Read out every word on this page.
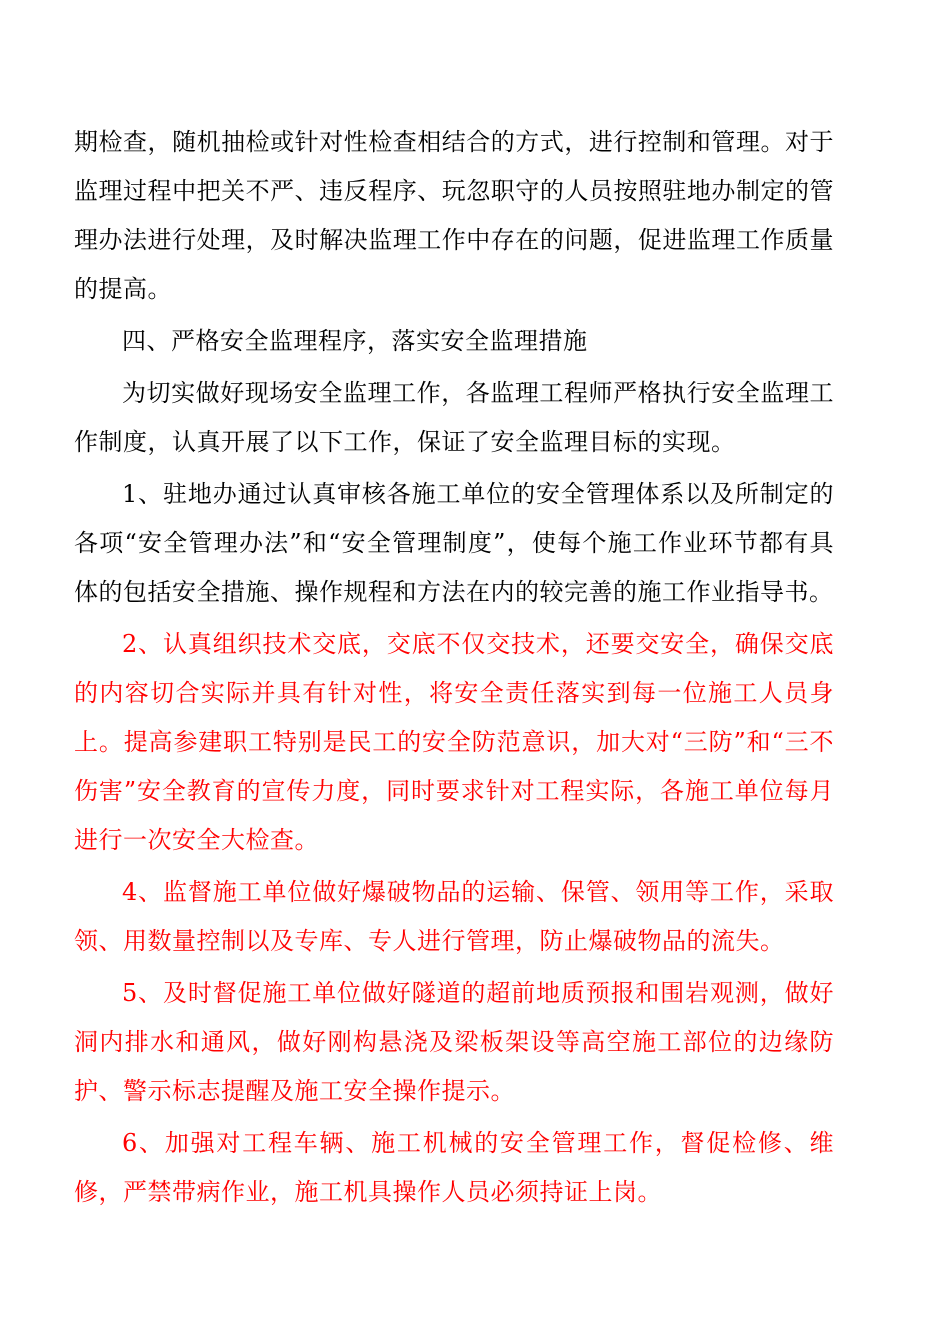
期检查，随机抽检或针对性检查相结合的方式，进行控制和管理。对于监理过程中把关不严、违反程序、玩忽职守的人员按照驻地办制定的管理办法进行处理，及时解决监理工作中存在的问题，促进监理工作质量的提高。

四、严格安全监理程序，落实安全监理措施

为切实做好现场安全监理工作，各监理工程师严格执行安全监理工作制度，认真开展了以下工作，保证了安全监理目标的实现。

1、驻地办通过认真审核各施工单位的安全管理体系以及所制定的各项“安全管理办法”和“安全管理制度”，使每个施工作业环节都有具体的包括安全措施、操作规程和方法在内的较完善的施工作业指导书。

2、认真组织技术交底，交底不仅交技术，还要交安全，确保交底的内容切合实际并具有针对性，将安全责任落实到每一位施工人员身上。提高参建职工特别是民工的安全防范意识，加大对“三防”和“三不伤害”安全教育的宣传力度，同时要求针对工程实际，各施工单位每月进行一次安全大检查。

4、监督施工单位做好爆破物品的运输、保管、领用等工作，采取领、用数量控制以及专库、专人进行管理，防止爆破物品的流失。

5、及时督促施工单位做好隧道的超前地质预报和围岩观测，做好洞内排水和通风，做好刚构悬浇及梁板架设等高空施工部位的边缘防护、警示标志提醒及施工安全操作提示。

6、加强对工程车辆、施工机械的安全管理工作，督促检修、维修，严禁带病作业，施工机具操作人员必须持证上岗。
